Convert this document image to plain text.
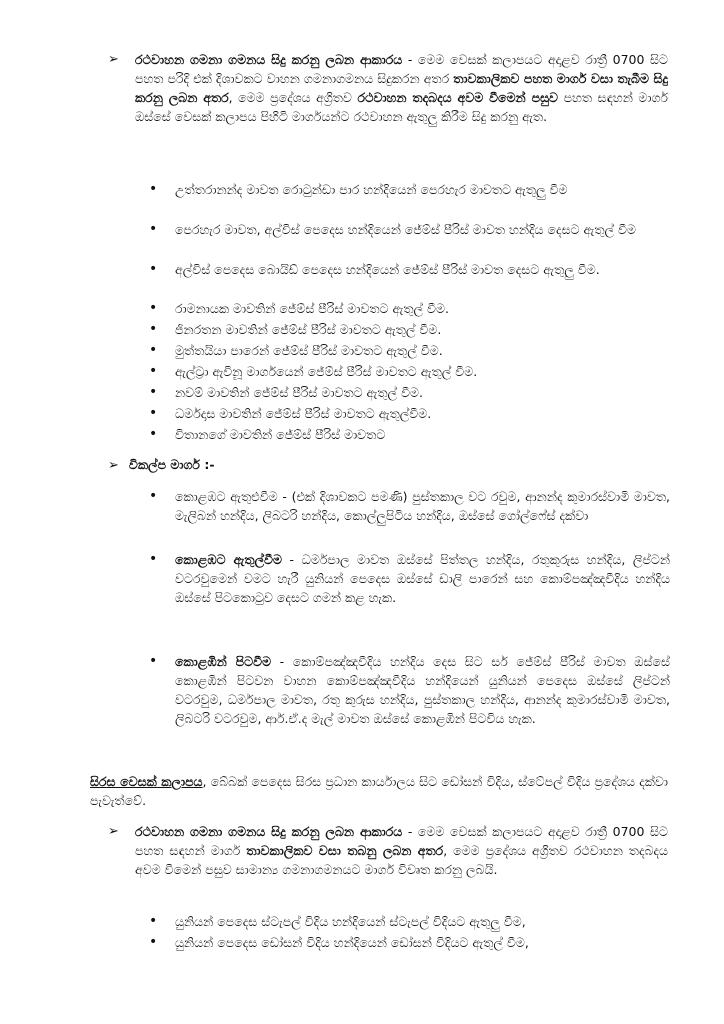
➢ රථවාහන ගමනා ගමනය සිදු කරනු ලබන ආකාරය - මෙම වෙසක් කලාපයට අදාළව රාත්‍රී 0700 සිට පහත පරිදි එක් දිශාවකට වාහන ගමනාගමනය සිදුකරන අතර තාවකාලිකව පහත මාර්ග වසා තැබීම සිදු කරනු ලබන අතර, මෙම ප්‍රදේශය අග්‍රිතව රථවාහන තදබදය අවම වීමෙන් පසුව පහත සඳහන් මාර්ග ඔස්සේ වෙසක් කලාපය පිහිටි මාර්ගයන්ට රථවාහන ඇතුලු කිරීම සිදු කරනු ඇත.
• උත්තරානන්ද මාවත රොටුන්ඩා පාර හන්දියෙන් පෙරහැර මාවතට ඇතුලු වීම
• පෙරහැර මාවත, අල්විස් පෙදෙස හන්දියෙන් ජේම්ස් පීරිස් මාවත හන්දිය දෙසට ඇතුල් වීම
• අල්විස් පෙදෙස බොයිඩ් පෙදෙස හන්දියෙන් ජේම්ස් පීරිස් මාවත දෙසට ඇතුලු වීම.
• රාමනායක මාවතින් ජේම්ස් පීරිස් මාවතට ඇතුල් වීම.
• ජිනරතන මාවතින් ජේම්ස් පීරිස් මාවතට ඇතුල් වීම.
• මුත්තයියා පාරෙන් ජේම්ස් පීරිස් මාවතට ඇතුල් වීම.
• ඇල්ට්‍රා ඇවිනූ මාර්ගයෙන් ජේම්ස් පීරිස් මාවතට ඇතුල් වීම.
• නවම් මාවතින් ජේම්ස් පීරිස් මාවතට ඇතුල් වීම.
• ධර්මදාස මාවතින් ජේම්ස් පීරිස් මාවතට ඇතුල්වීම.
• විතානගේ මාවතින් ජේම්ස් පීරිස් මාවතට
➢ විකල්ප මාර්ග :-
• කොළඹට ඇතුළුවීම - (එක් දිශාවකට පමණි) පුස්තකාල වට රවුම, ආනන්ද කුමාරස්වාමි මාවත, මැලිබන් හන්දිය, ලිබටරි හන්දිය, කොල්ලුපිටිය හන්දිය, ඔස්සේ ගෝල්ෆේස් දක්වා
• කොළඹට ඇතුල්වීම - ධර්මපාල මාවත ඔස්සේ පිත්තල හන්දිය, රතුකුරුස හන්දිය, ලිප්ටන් වටරවුමෙන් වමට හැරී යුනියන් පෙදෙස ඔස්සේ ඩාලි පාරෙන් සහ කොම්පඤ්ඤවීදිය හන්දිය ඔස්සේ පිටකොටුව දෙසට ගමන් කළ හැක.
• කොළඹින් පිටවීම - කොම්පඤ්ඤවීදිය හන්දිය දෙස සිට සර් ජේම්ස් පීරිස් මාවත ඔස්සේ කොළඹින් පිටවන වාහන කොම්පඤ්ඤවීදිය හන්දියෙන් යුනියන් පෙදෙස ඔස්සේ ලිප්ටන් වටරවුම, ධර්මපාල මාවත, රතු කුරුස හන්දිය, පුස්තකාල හන්දිය, ආනන්ද කුමාරස්වාමි මාවත, ලිබටරි වටරවුම, ආර්.ඒ.ද මැල් මාවත ඔස්සේ කොළඹින් පිටවිය හැක.
සිරස වෙසක් කලාපය, බේබක් පෙදෙස සිරස ප්‍රධාන කාර්යාලය සිට ඩෝසන් විදිය, ස්ටේපල් විදිය ප්‍රදේශය දක්වා පැවැත්වේ.
➢ රථවාහන ගමනා ගමනය සිදු කරනු ලබන ආකාරය - මෙම වෙසක් කලාපයට අදාළව රාත්‍රී 0700 සිට පහත සඳහන් මාර්ග තාවකාලිකව වසා තබනු ලබන අතර, මෙම ප්‍රදේශය අග්‍රිතව රථවාහන තදබදය අවම වීමෙන් පසුව සාමාන්‍ය ගමනාගමනයට මාර්ග විවෘත කරනු ලබයි.
• යුනියන් පෙදෙස ස්ටැපල් විදිය හන්දියෙන් ස්ටැපල් විදියට ඇතුලු වීම,
• යුනියන් පෙදෙස ඩෝසන් විදිය හන්දියෙන් ඩෝසන් විදියට ඇතුල් වීම,
